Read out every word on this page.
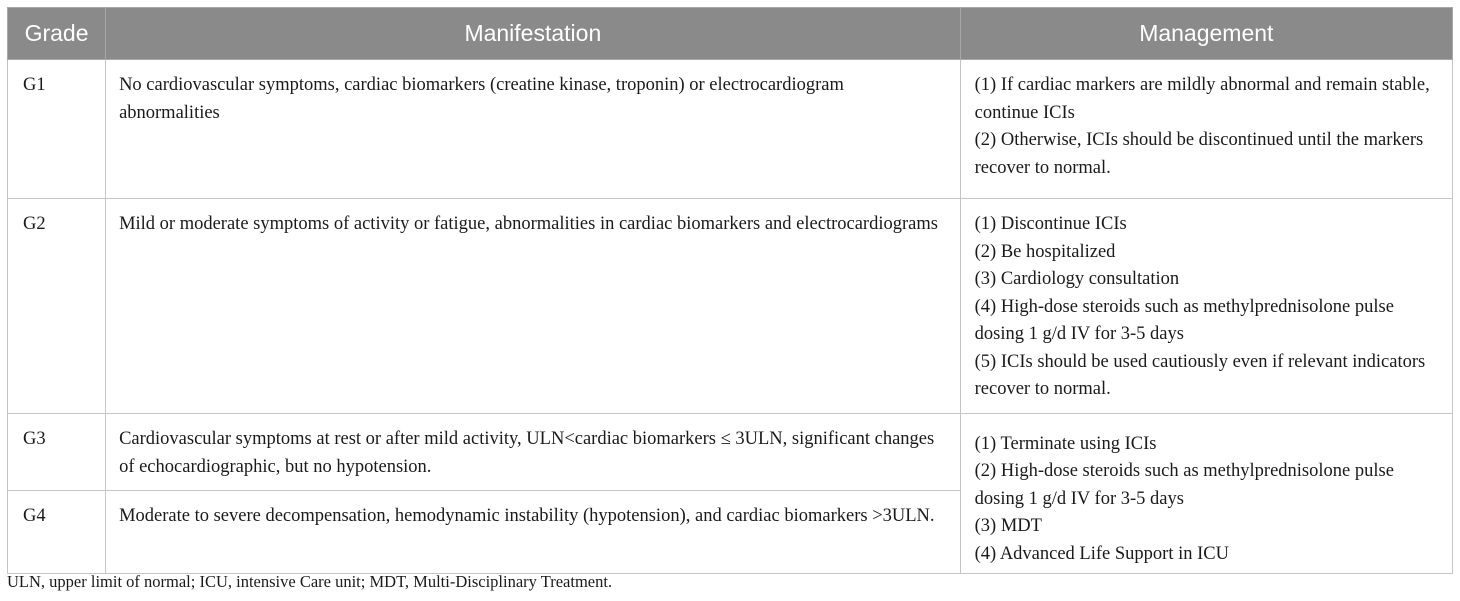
Grade	Manifestation	Management
G1	No cardiovascular symptoms, cardiac biomarkers (creatine kinase, troponin) or electrocardiogram abnormalities	(1) If cardiac markers are mildly abnormal and remain stable, continue ICIs
(2) Otherwise, ICIs should be discontinued until the markers recover to normal.

G2	Mild or moderate symptoms of activity or fatigue, abnormalities in cardiac biomarkers and electrocardiograms	(1) Discontinue ICIs
(2) Be hospitalized
(3) Cardiology consultation
(4) High-dose steroids such as methylprednisolone pulse dosing 1 g/d IV for 3-5 days
(5) ICIs should be used cautiously even if relevant indicators recover to normal.

G3	Cardiovascular symptoms at rest or after mild activity, ULN<cardiac biomarkers ≤ 3ULN, significant changes of echocardiographic, but no hypotension.	(1) Terminate using ICIs
(2) High-dose steroids such as methylprednisolone pulse dosing 1 g/d IV for 3-5 days
(3) MDT
(4) Advanced Life Support in ICU

G4	Moderate to severe decompensation, hemodynamic instability (hypotension), and cardiac biomarkers >3ULN.	
ULN, upper limit of normal; ICU, intensive Care unit; MDT, Multi-Disciplinary Treatment.
